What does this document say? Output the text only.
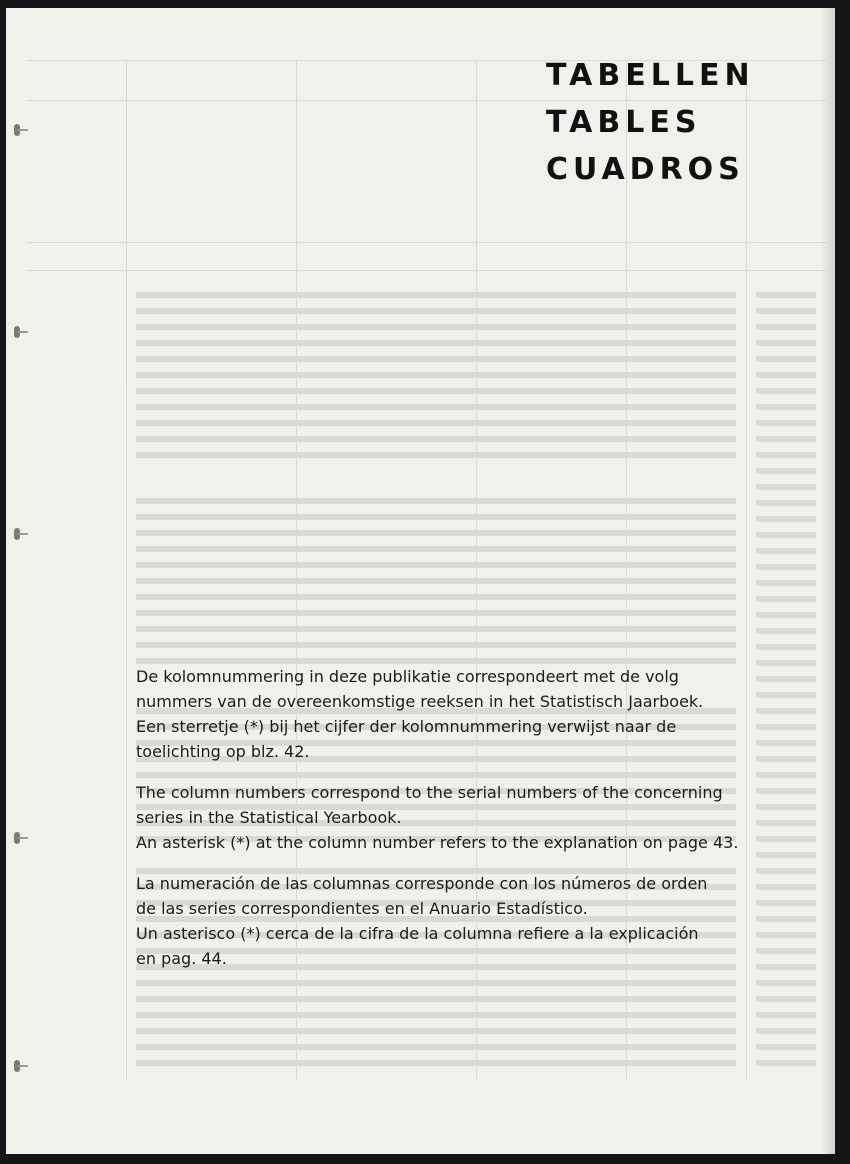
TABELLEN
TABLES
CUADROS

De kolomnummering in deze publikatie correspondeert met de volg
nummers van de overeenkomstige reeksen in het Statistisch Jaarboek.
Een sterretje (*) bij het cijfer der kolomnummering verwijst naar de
toelichting op blz. 42.

The column numbers correspond to the serial numbers of the concerning
series in the Statistical Yearbook.
An asterisk (*) at the column number refers to the explanation on page 43.

La numeración de las columnas corresponde con los números de orden
de las series correspondientes en el Anuario Estadístico.
Un asterisco (*) cerca de la cifra de la columna refiere a la explicación
en pag. 44.
